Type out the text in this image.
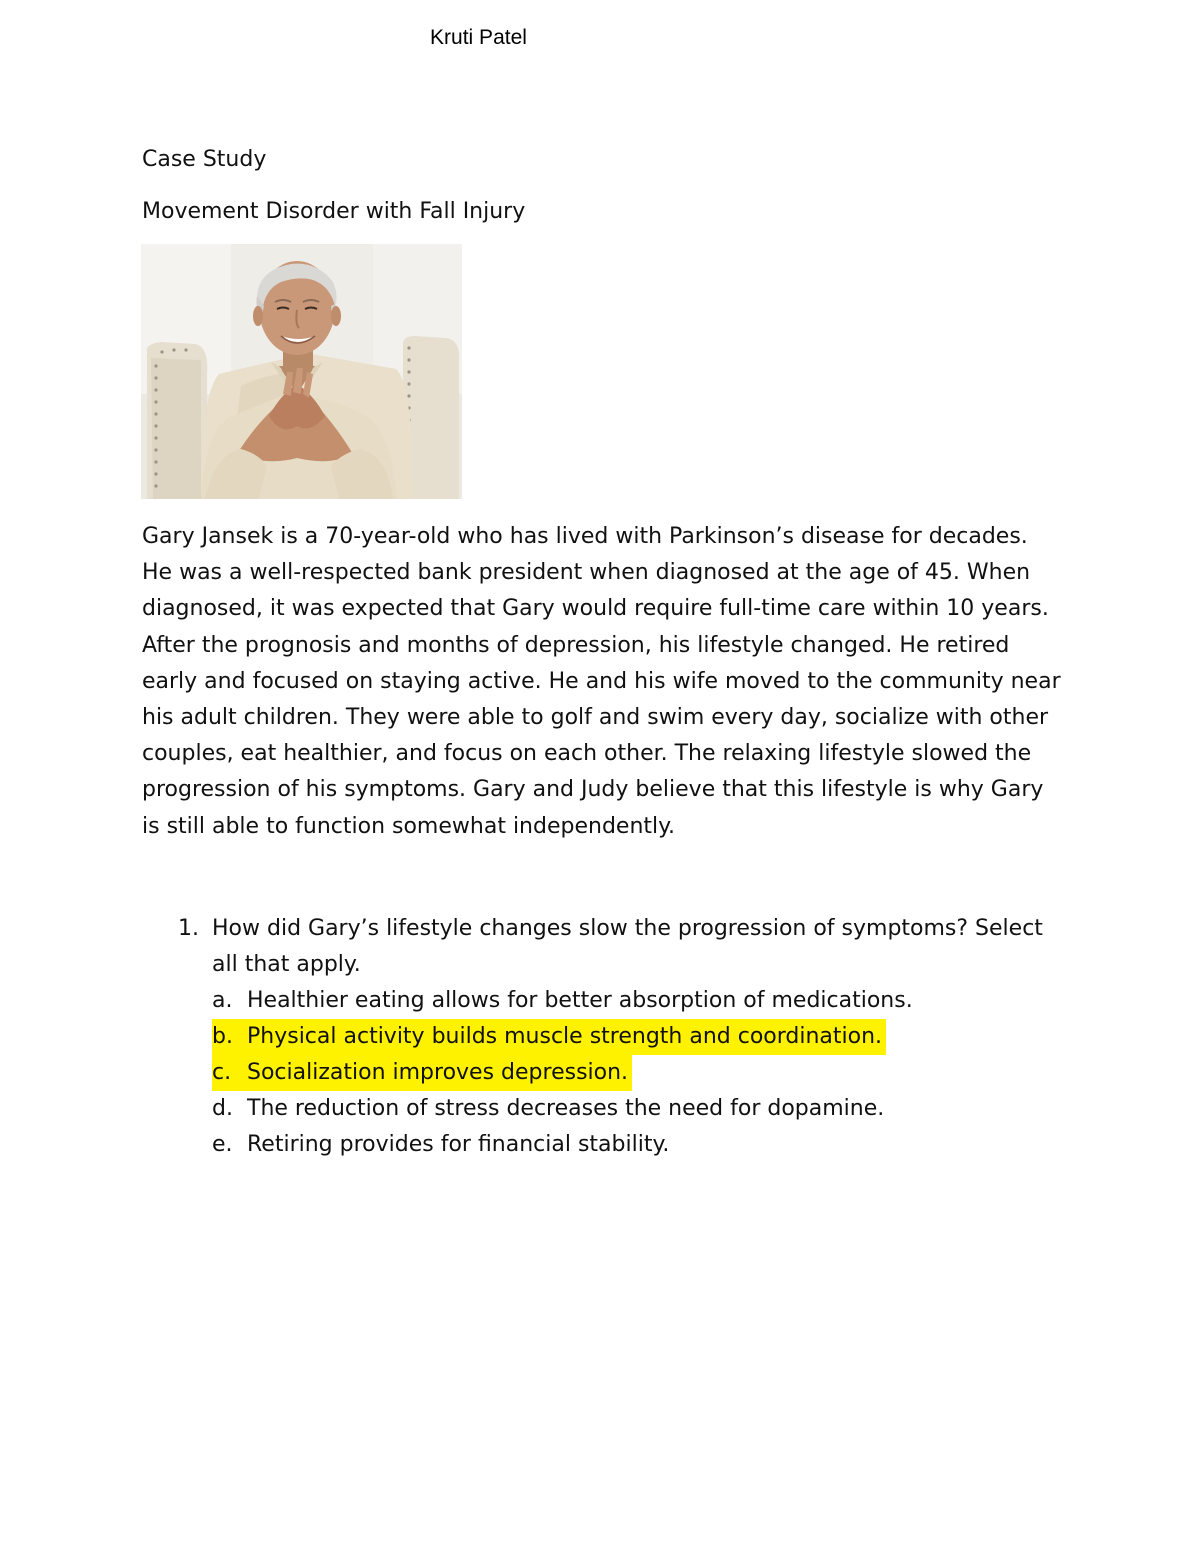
Kruti Patel
Case Study
Movement Disorder with Fall Injury
Gary Jansek is a 70-year-old who has lived with Parkinson’s disease for decades.
He was a well-respected bank president when diagnosed at the age of 45. When
diagnosed, it was expected that Gary would require full-time care within 10 years.
After the prognosis and months of depression, his lifestyle changed. He retired
early and focused on staying active. He and his wife moved to the community near
his adult children. They were able to golf and swim every day, socialize with other
couples, eat healthier, and focus on each other. The relaxing lifestyle slowed the
progression of his symptoms. Gary and Judy believe that this lifestyle is why Gary
is still able to function somewhat independently.
1. How did Gary’s lifestyle changes slow the progression of symptoms? Select
all that apply.
a. Healthier eating allows for better absorption of medications.
b. Physical activity builds muscle strength and coordination.
c. Socialization improves depression.
d. The reduction of stress decreases the need for dopamine.
e. Retiring provides for financial stability.
